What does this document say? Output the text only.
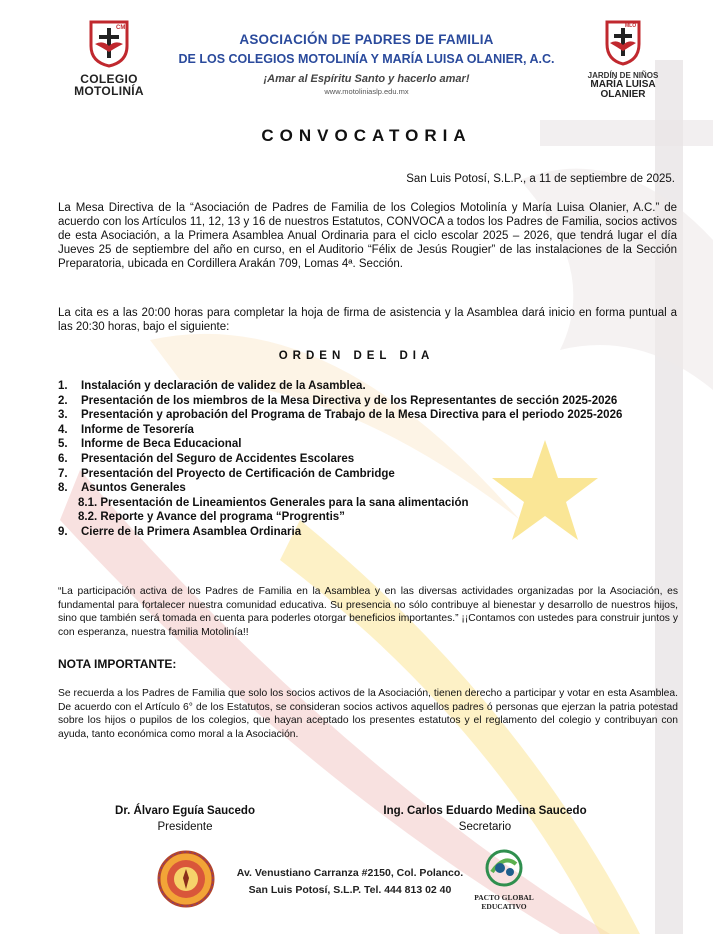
CM
COLEGIO
MOTOLINÍA
ASOCIACIÓN DE PADRES DE FAMILIA
DE LOS COLEGIOS MOTOLINÍA Y MARÍA LUISA OLANIER, A.C.
¡Amar al Espíritu Santo y hacerlo amar!
www.motoliniaslp.edu.mx
MLO
JARDÍN DE NIÑOS
MARÍA LUISA
OLANIER
CONVOCATORIA
San Luis Potosí, S.L.P., a 11 de septiembre de 2025.
La Mesa Directiva de la “Asociación de Padres de Familia de los Colegios Motolinía y María Luisa Olanier, A.C.” de acuerdo con los Artículos 11, 12, 13 y 16 de nuestros Estatutos, CONVOCA a todos los Padres de Familia, socios activos de esta Asociación, a la Primera Asamblea Anual Ordinaria para el ciclo escolar 2025 – 2026, que tendrá lugar el día Jueves 25 de septiembre del año en curso, en el Auditorio “Félix de Jesús Rougier” de las instalaciones de la Sección Preparatoria, ubicada en Cordillera Arakán 709, Lomas 4ª. Sección.
La cita es a las 20:00 horas para completar la hoja de firma de asistencia y la Asamblea dará inicio en forma puntual a las 20:30 horas, bajo el siguiente:
ORDEN DEL DIA
1.	Instalación y declaración de validez de la Asamblea.
2.	Presentación de los miembros de la Mesa Directiva y de los Representantes de sección 2025-2026
3.	Presentación y aprobación del Programa de Trabajo de la Mesa Directiva para el periodo 2025-2026
4.	Informe de Tesorería
5.	Informe de Beca Educacional
6.	Presentación del Seguro de Accidentes Escolares
7.	Presentación del Proyecto de Certificación de Cambridge
8.	Asuntos Generales
8.1. Presentación de Lineamientos Generales para la sana alimentación
8.2. Reporte y Avance del programa “Progrentis”
9.	Cierre de la Primera Asamblea Ordinaria
“La participación activa de los Padres de Familia en la Asamblea y en las diversas actividades organizadas por la Asociación, es fundamental para fortalecer nuestra comunidad educativa. Su presencia no sólo contribuye al bienestar y desarrollo de nuestros hijos, sino que también será tomada en cuenta para poderles otorgar beneficios importantes.” ¡¡Contamos con ustedes para construir juntos y con esperanza, nuestra familia Motolinía!!
NOTA IMPORTANTE:
Se recuerda a los Padres de Familia que solo los socios activos de la Asociación, tienen derecho a participar y votar en esta Asamblea. De acuerdo con el Artículo 6° de los Estatutos, se consideran socios activos aquellos padres ó personas que ejerzan la patria potestad sobre los hijos o pupilos de los colegios, que hayan aceptado los presentes estatutos y el reglamento del colegio y contribuyan con ayuda, tanto económica como moral a la Asociación.
Dr. Álvaro Eguía Saucedo
Presidente
Ing. Carlos Eduardo Medina Saucedo
Secretario
Av. Venustiano Carranza #2150, Col. Polanco.
San Luis Potosí, S.L.P. Tel. 444 813 02 40
PACTO GLOBAL
EDUCATIVO
